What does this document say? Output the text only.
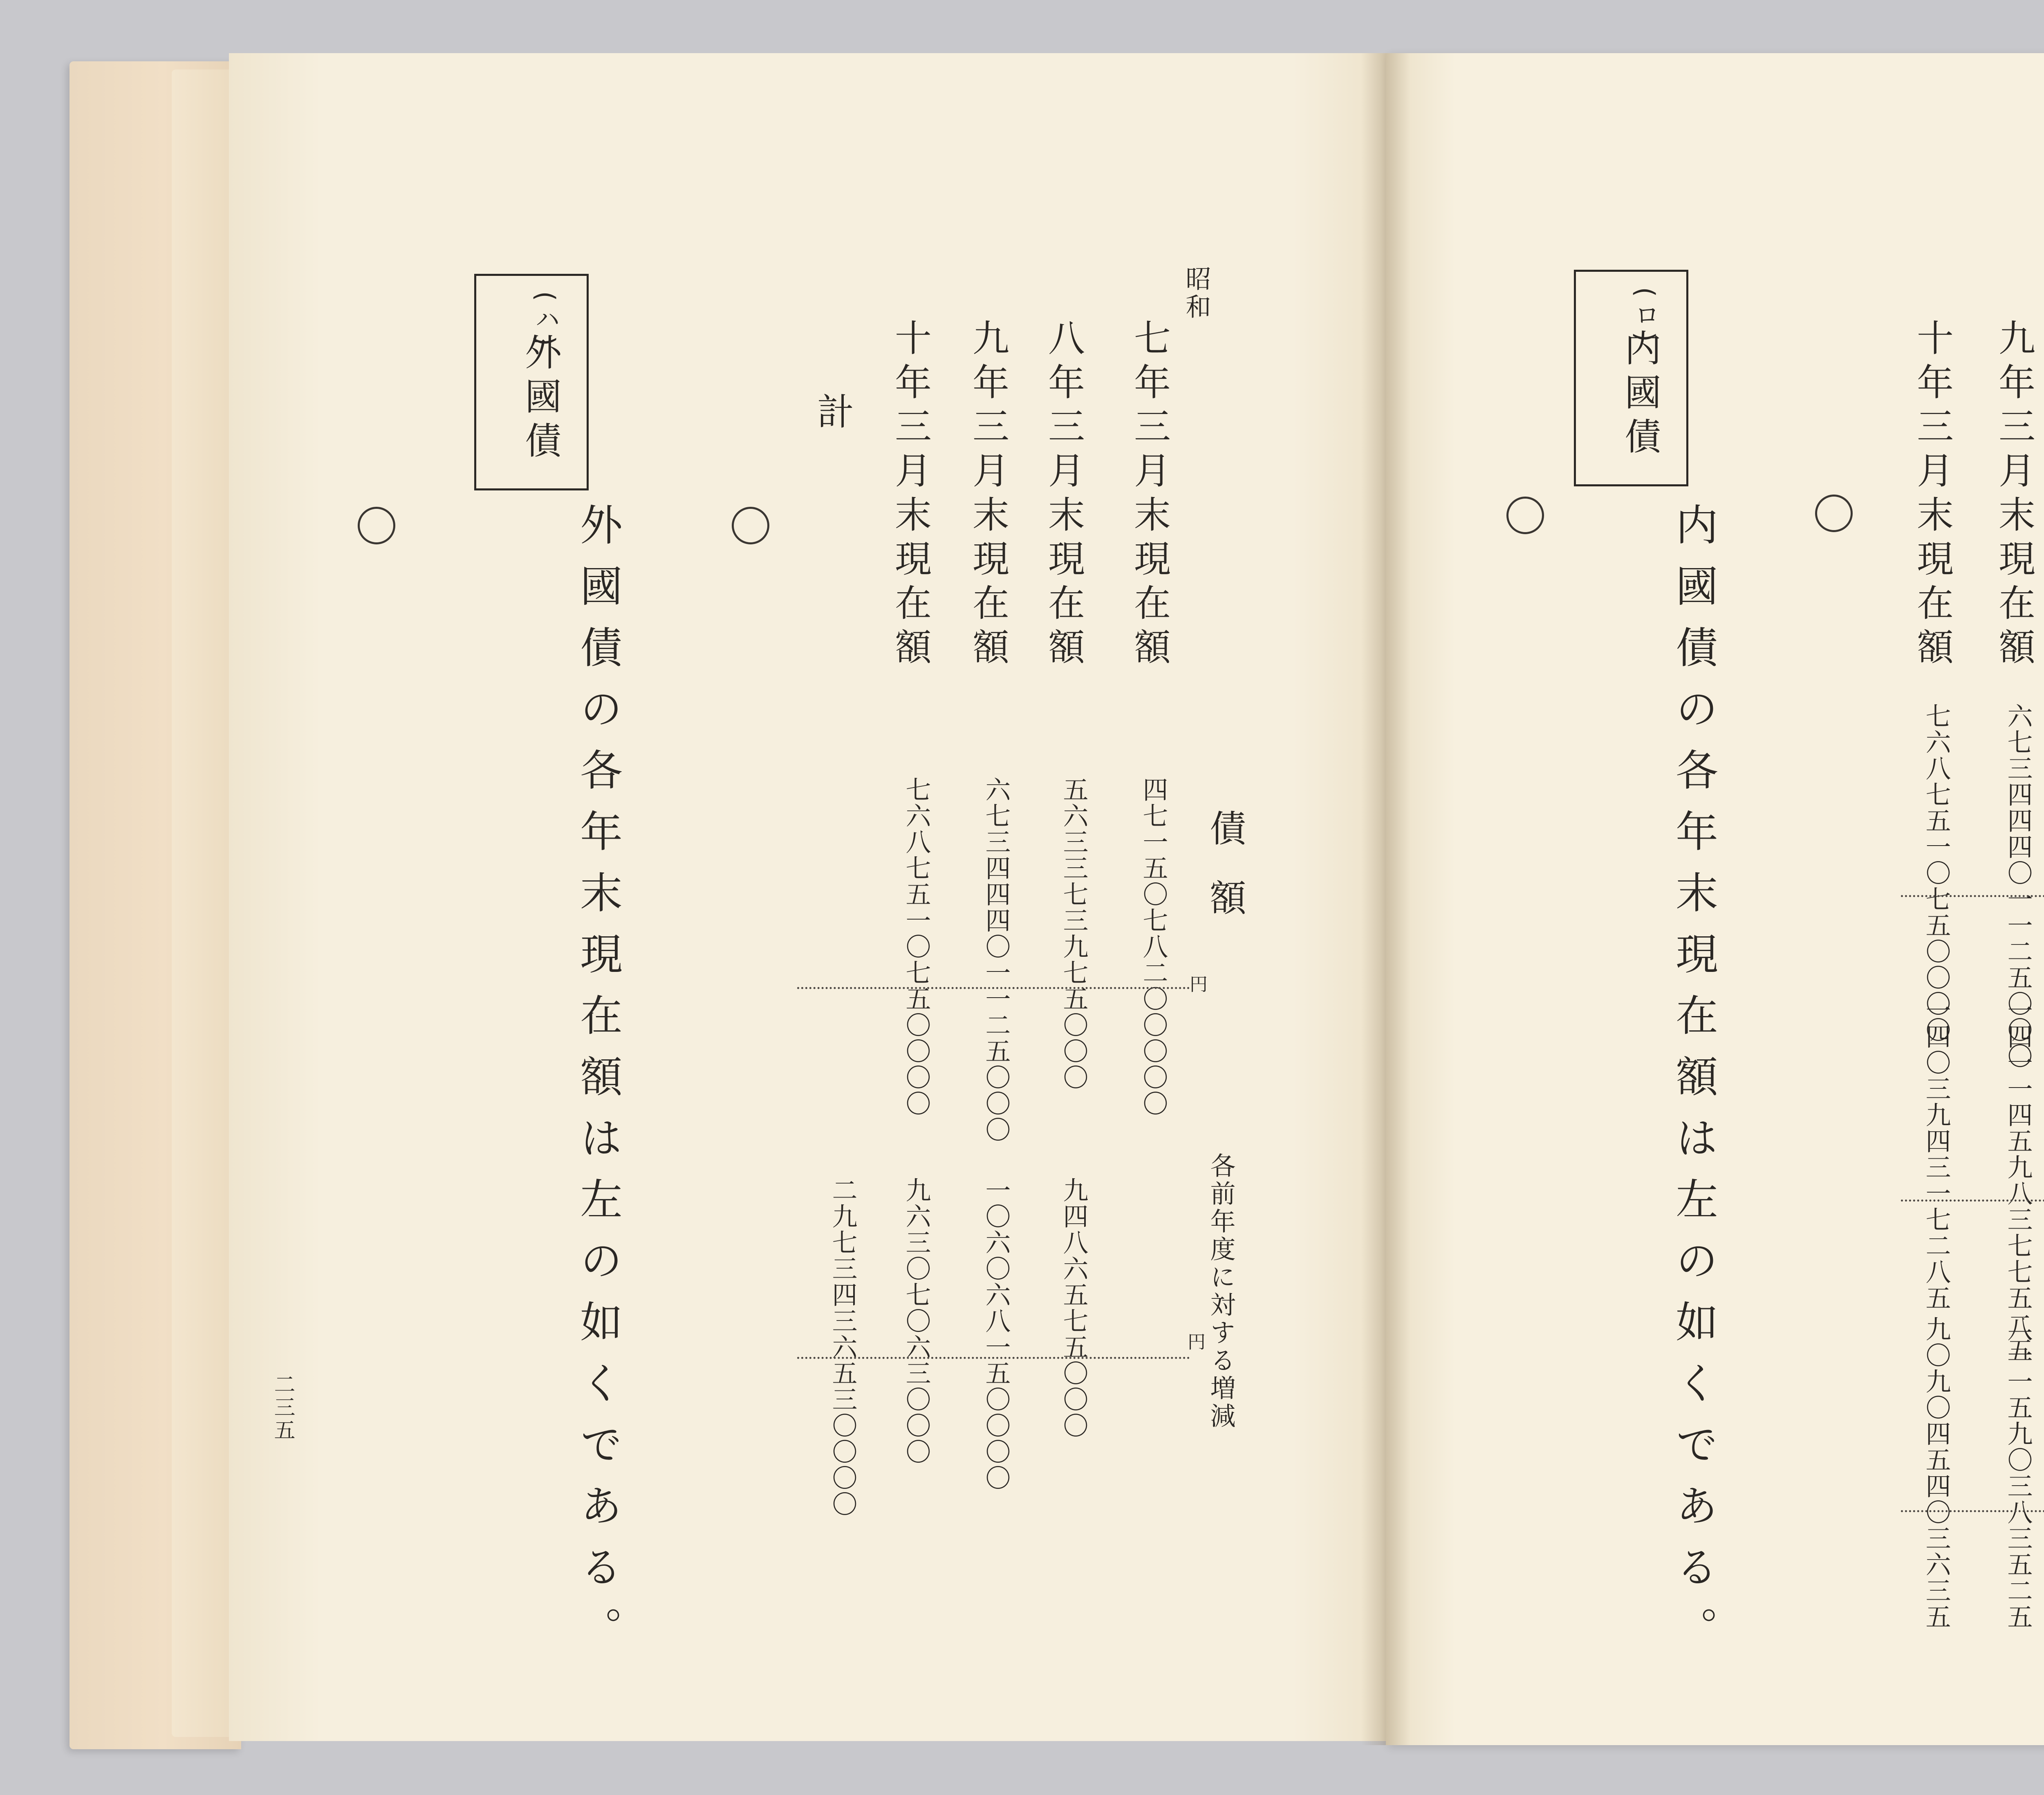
昭和
七年三月末現在額
八年三月末現在額
九年三月末現在額
十年三月末現在額
計
債額
各前年度に対する増減
四七一五〇七八二〇〇〇〇〇
五六三三七三九七五〇〇〇
六七三四四四〇一一二五〇〇〇
七六八七五一〇七五〇〇〇〇	円
九四八六五七五〇〇〇
一〇六〇六八一五〇〇〇〇
九六三〇七〇六三〇〇〇
二九七三四三六五三〇〇〇〇	円
(ハ)
外國債
外國債の各年末現在額は左の如くである。
二三五
九年三月末現在額
十年三月末現在額
六七三四四四〇一一二五〇〇〇
七六八七五一〇七五〇〇〇〇
一四一一四五九八三七七五二五
一四〇三九四三一七二八五
八一一五九〇三八三五二五
九〇九〇四五四〇三六三五
(ロ)
内國債
内國債の各年末現在額は左の如くである。
